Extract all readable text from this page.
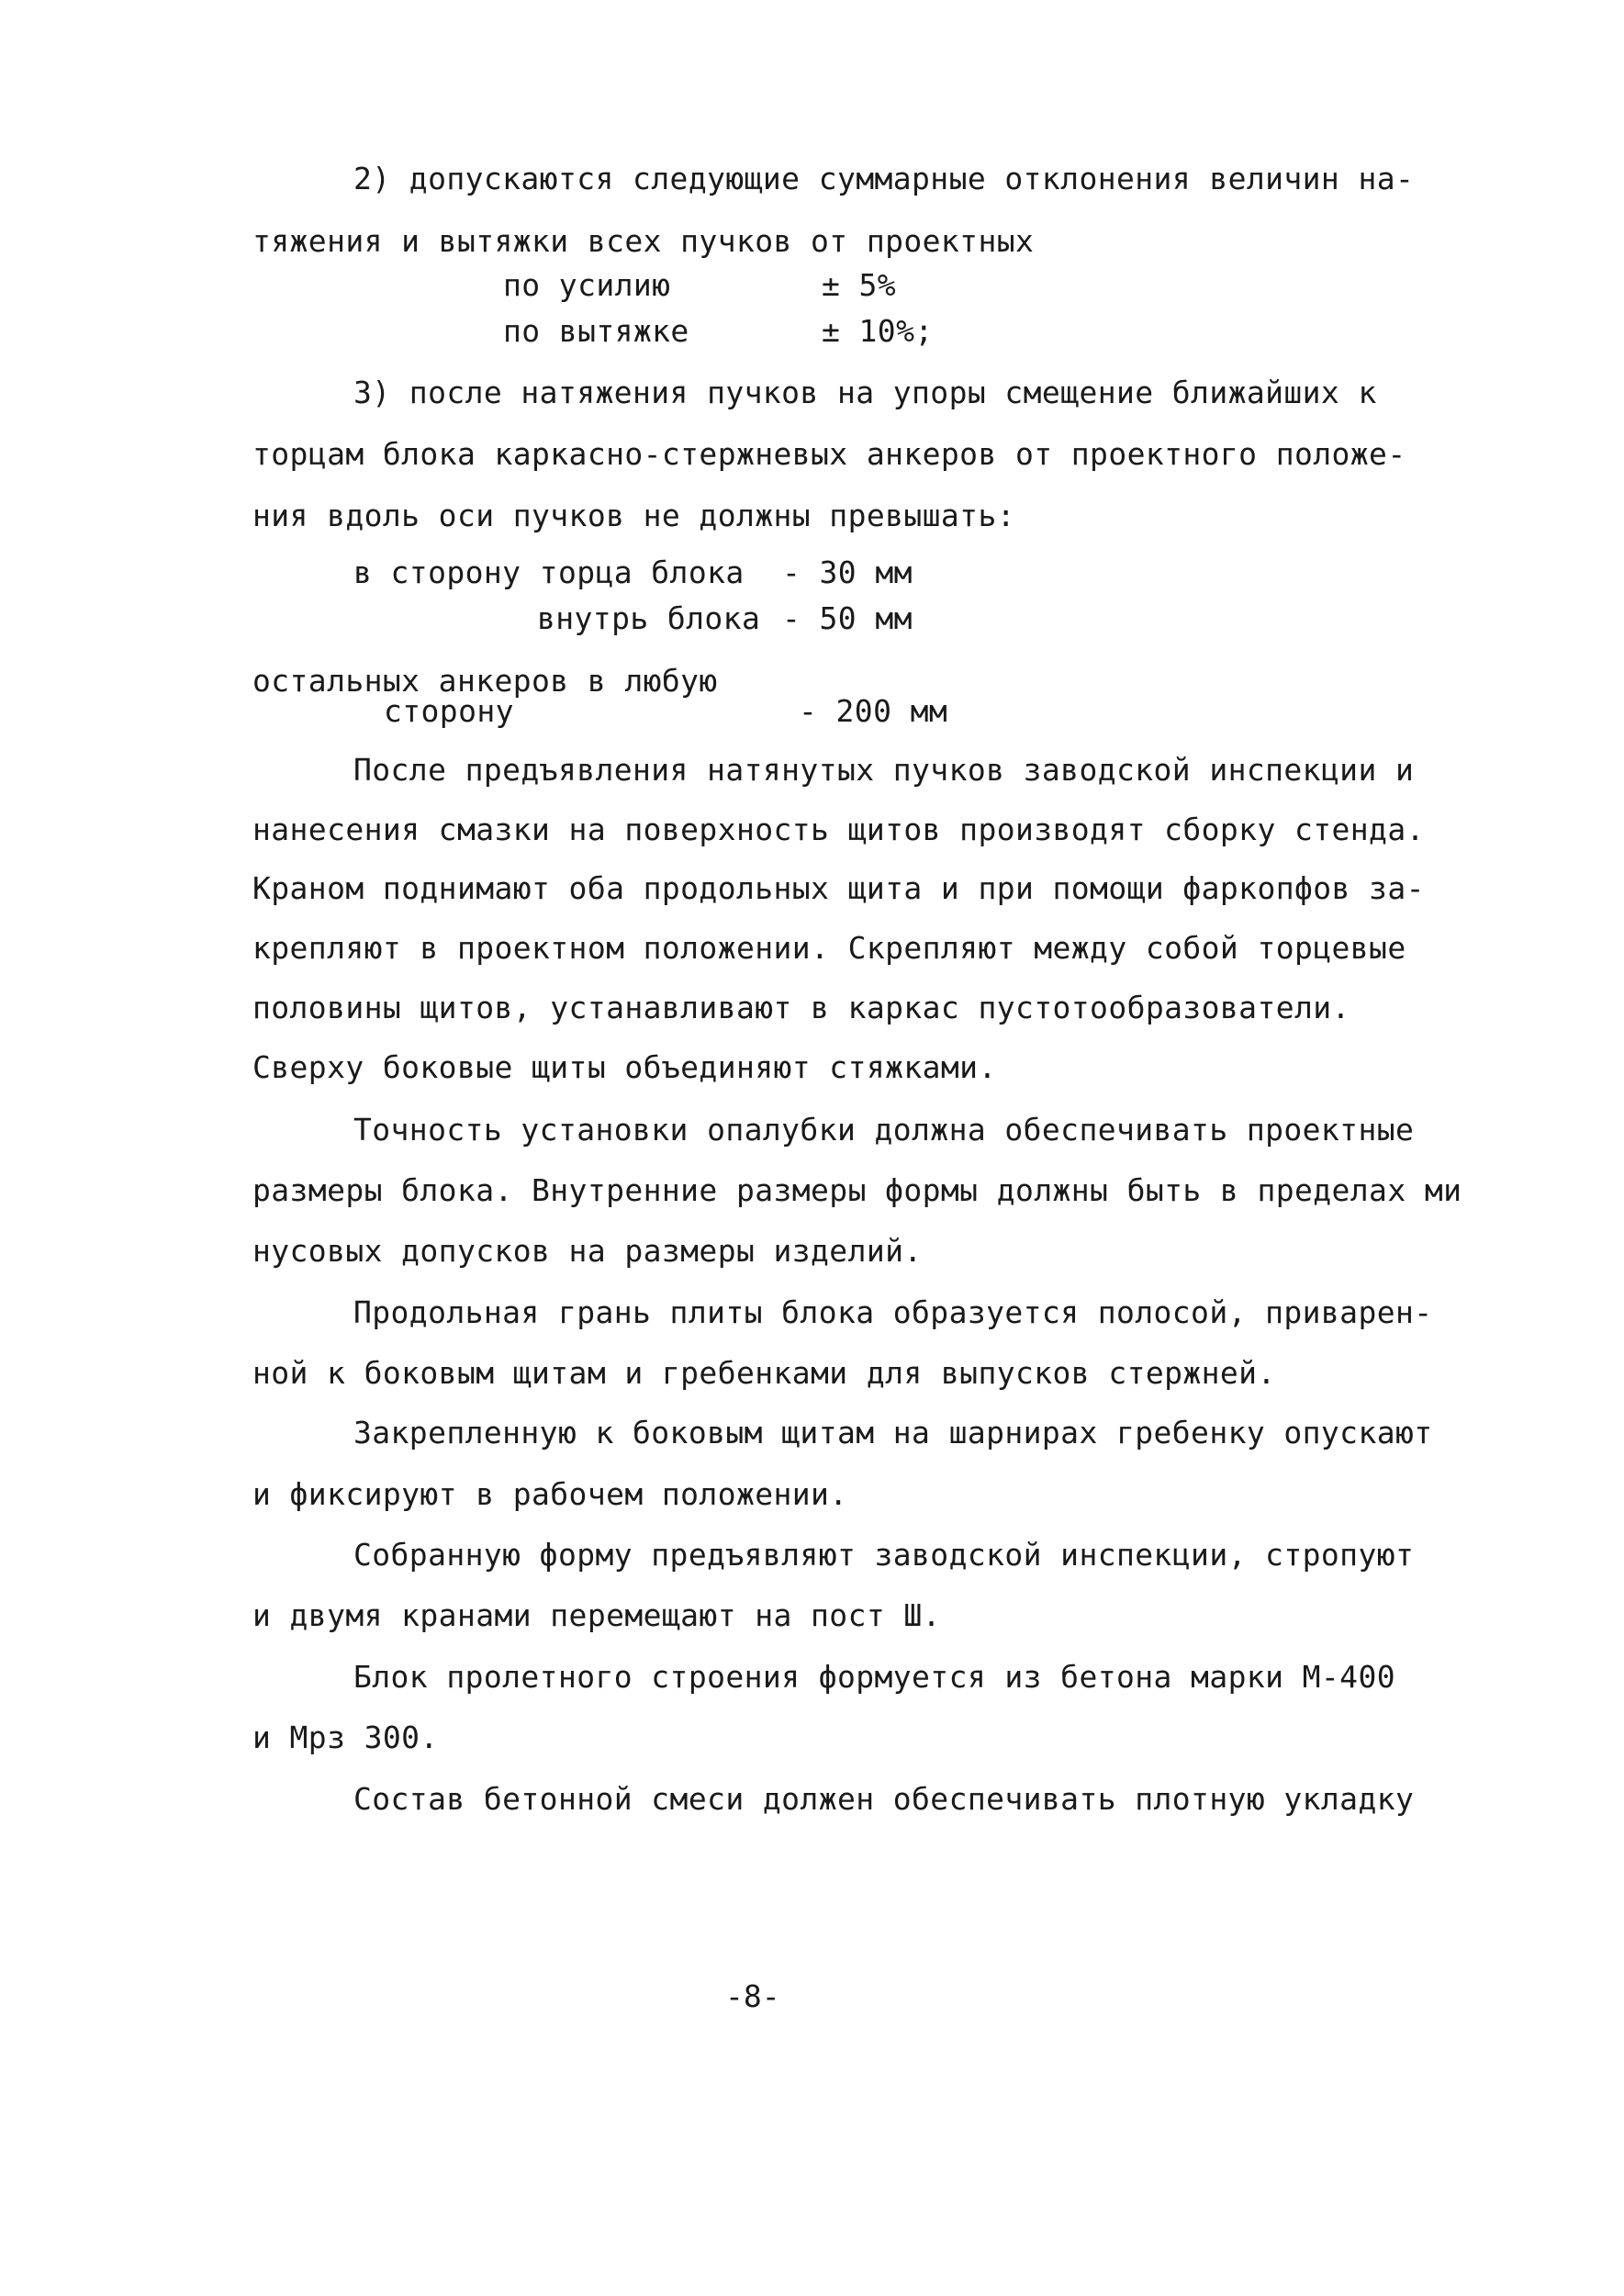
2) допускаются следующие суммарные отклонения величин на-
тяжения и вытяжки всех пучков от проектных
по усилию	± 5%
по вытяжке	± 10%;
3) после натяжения пучков на упоры смещение ближайших к
торцам блока каркасно-стержневых анкеров от проектного положе-
ния вдоль оси пучков не должны превышать:
в сторону торца блока - 30 мм
внутрь блока - 50 мм
остальных анкеров в любую
сторону	- 200 мм
После предъявления натянутых пучков заводской инспекции и
нанесения смазки на поверхность щитов производят сборку стенда.
Краном поднимают оба продольных щита и при помощи фаркопфов за-
крепляют в проектном положении. Скрепляют между собой торцевые
половины щитов, устанавливают в каркас пустотообразователи.
Сверху боковые щиты объединяют стяжками.
Точность установки опалубки должна обеспечивать проектные
размеры блока. Внутренние размеры формы должны быть в пределах ми
нусовых допусков на размеры изделий.
Продольная грань плиты блока образуется полосой, приварен-
ной к боковым щитам и гребенками для выпусков стержней.
Закрепленную к боковым щитам на шарнирах гребенку опускают
и фиксируют в рабочем положении.
Собранную форму предъявляют заводской инспекции, стропуют
и двумя кранами перемещают на пост Ш.
Блок пролетного строения формуется из бетона марки М-400
и Мрз 300.
Состав бетонной смеси должен обеспечивать плотную укладку
-8-
